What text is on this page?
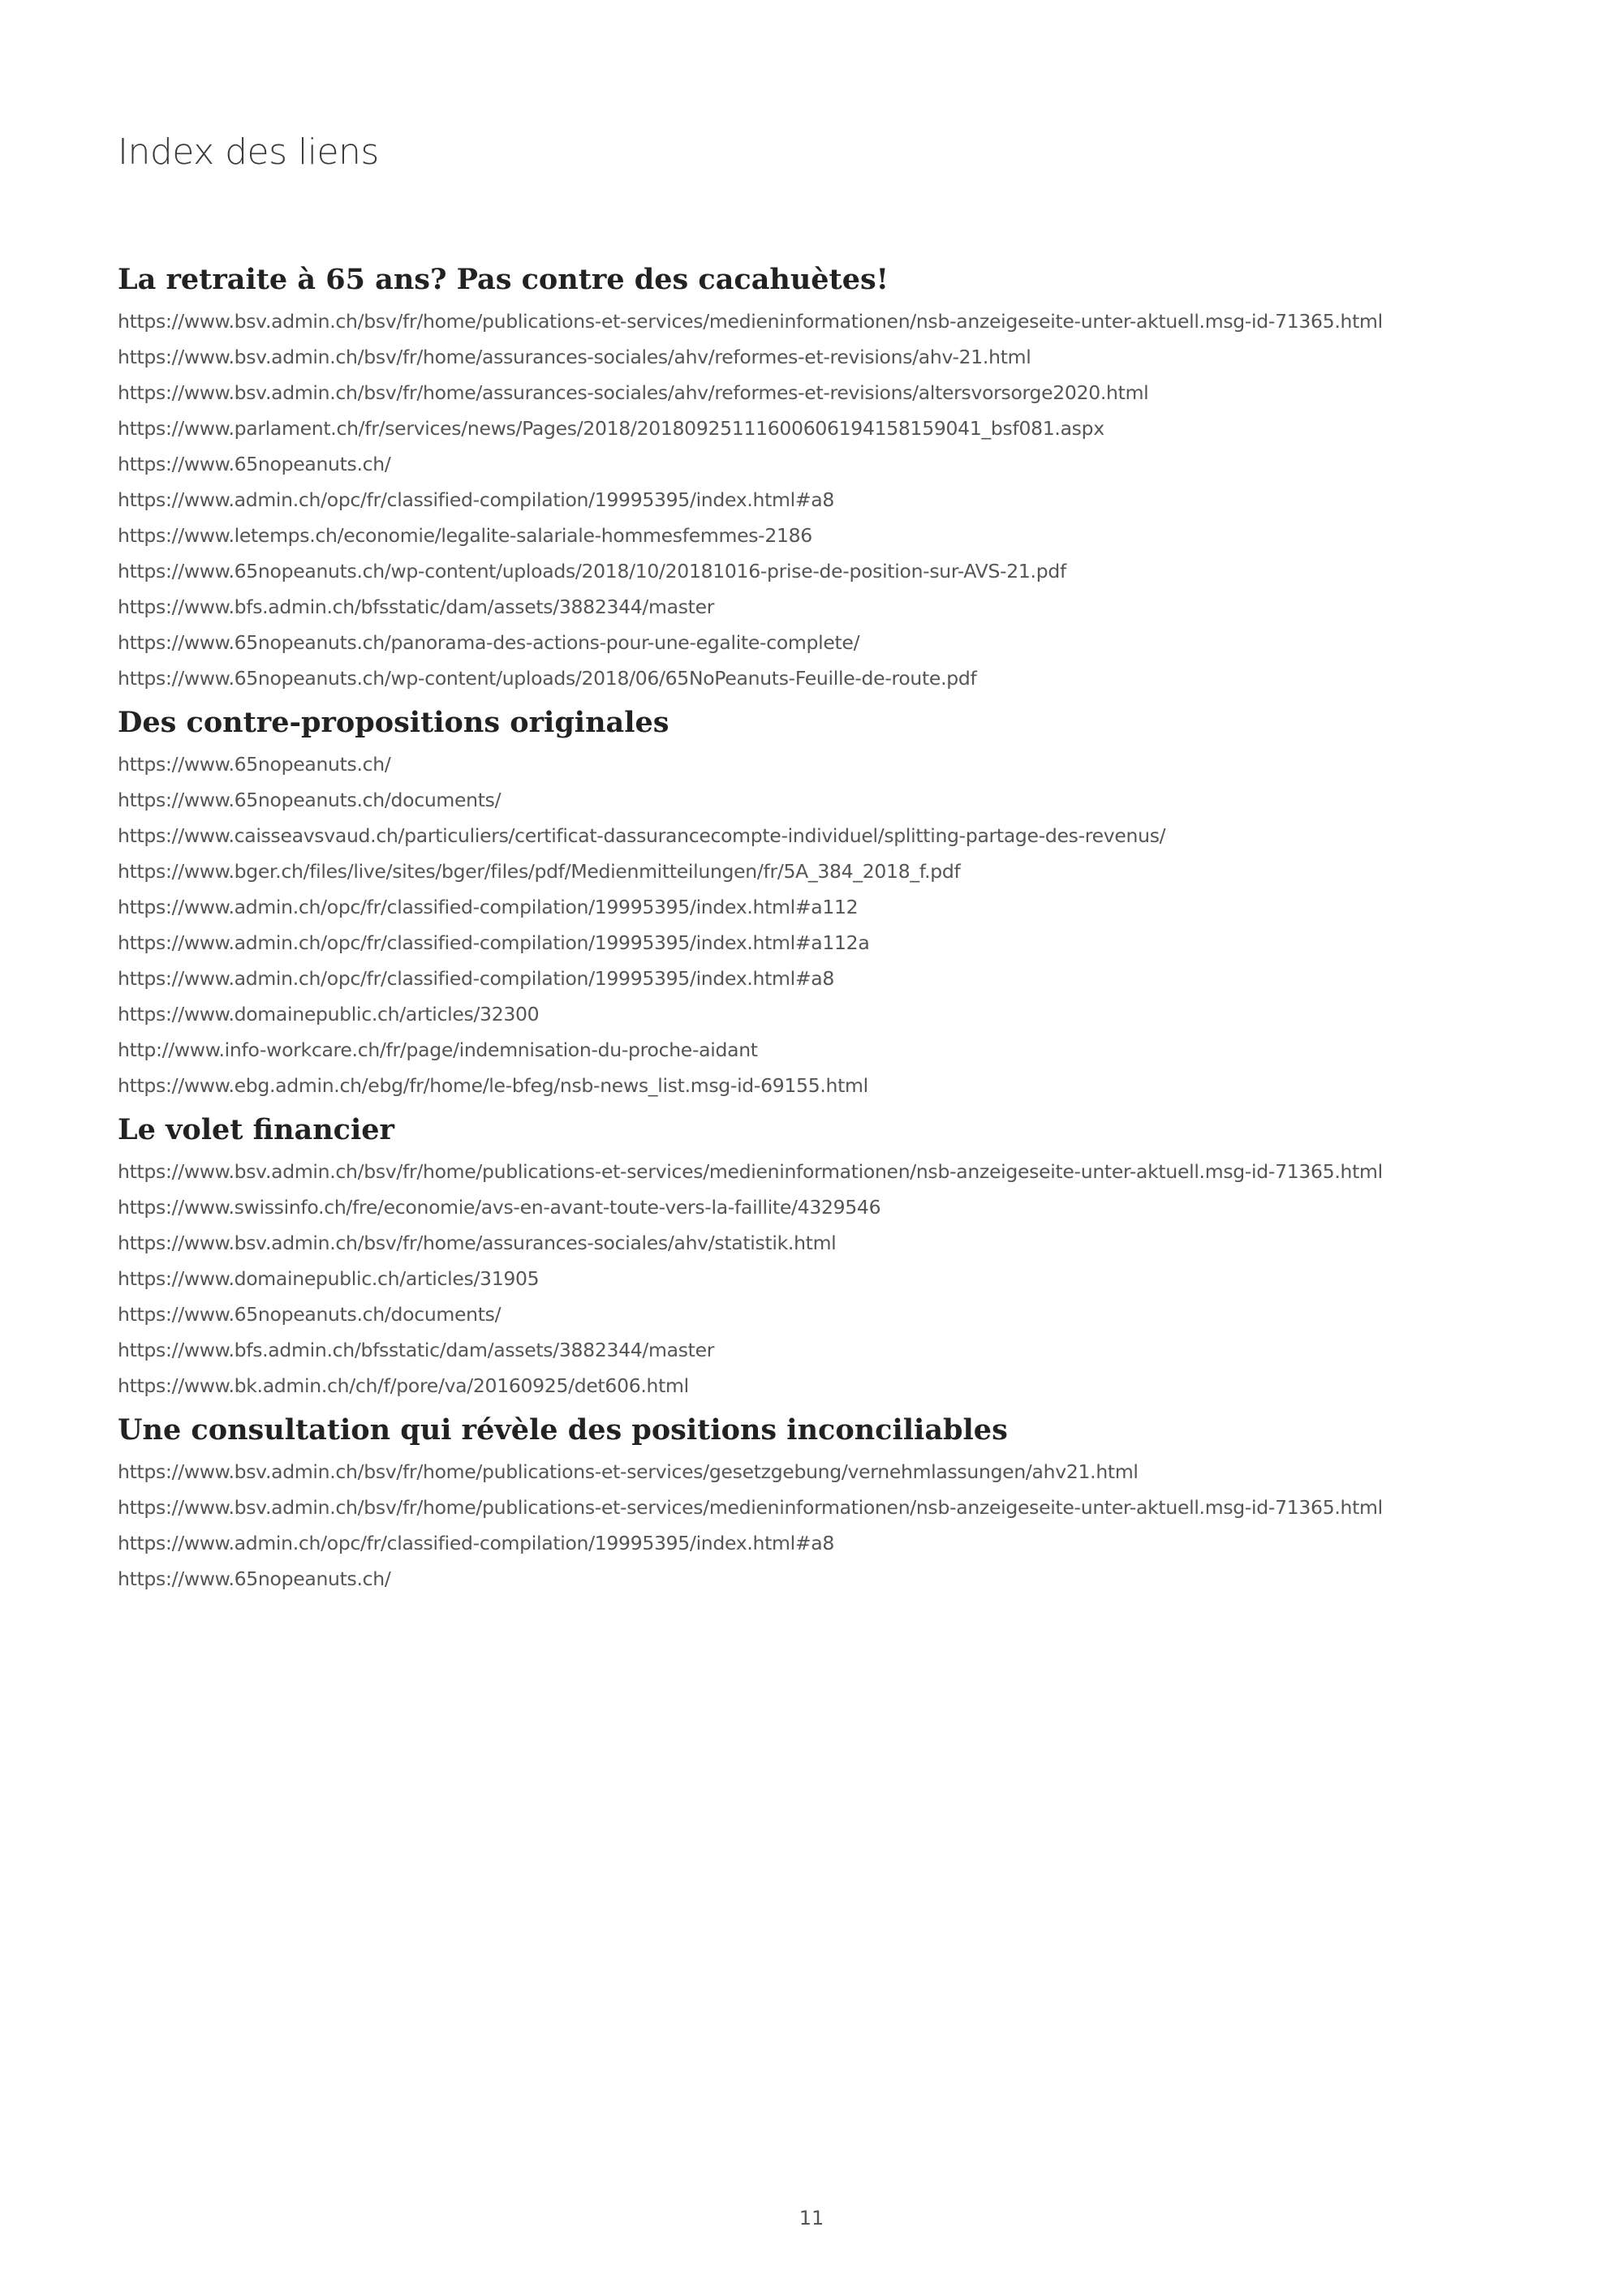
Index des liens
La retraite à 65 ans? Pas contre des cacahuètes!
https://www.bsv.admin.ch/bsv/fr/home/publications-et-services/medieninformationen/nsb-anzeigeseite-unter-aktuell.msg-id-71365.html
https://www.bsv.admin.ch/bsv/fr/home/assurances-sociales/ahv/reformes-et-revisions/ahv-21.html
https://www.bsv.admin.ch/bsv/fr/home/assurances-sociales/ahv/reformes-et-revisions/altersvorsorge2020.html
https://www.parlament.ch/fr/services/news/Pages/2018/20180925111600606194158159041_bsf081.aspx
https://www.65nopeanuts.ch/
https://www.admin.ch/opc/fr/classified-compilation/19995395/index.html#a8
https://www.letemps.ch/economie/legalite-salariale-hommesfemmes-2186
https://www.65nopeanuts.ch/wp-content/uploads/2018/10/20181016-prise-de-position-sur-AVS-21.pdf
https://www.bfs.admin.ch/bfsstatic/dam/assets/3882344/master
https://www.65nopeanuts.ch/panorama-des-actions-pour-une-egalite-complete/
https://www.65nopeanuts.ch/wp-content/uploads/2018/06/65NoPeanuts-Feuille-de-route.pdf
Des contre-propositions originales
https://www.65nopeanuts.ch/
https://www.65nopeanuts.ch/documents/
https://www.caisseavsvaud.ch/particuliers/certificat-dassurancecompte-individuel/splitting-partage-des-revenus/
https://www.bger.ch/files/live/sites/bger/files/pdf/Medienmitteilungen/fr/5A_384_2018_f.pdf
https://www.admin.ch/opc/fr/classified-compilation/19995395/index.html#a112
https://www.admin.ch/opc/fr/classified-compilation/19995395/index.html#a112a
https://www.admin.ch/opc/fr/classified-compilation/19995395/index.html#a8
https://www.domainepublic.ch/articles/32300
http://www.info-workcare.ch/fr/page/indemnisation-du-proche-aidant
https://www.ebg.admin.ch/ebg/fr/home/le-bfeg/nsb-news_list.msg-id-69155.html
Le volet financier
https://www.bsv.admin.ch/bsv/fr/home/publications-et-services/medieninformationen/nsb-anzeigeseite-unter-aktuell.msg-id-71365.html
https://www.swissinfo.ch/fre/economie/avs-en-avant-toute-vers-la-faillite/4329546
https://www.bsv.admin.ch/bsv/fr/home/assurances-sociales/ahv/statistik.html
https://www.domainepublic.ch/articles/31905
https://www.65nopeanuts.ch/documents/
https://www.bfs.admin.ch/bfsstatic/dam/assets/3882344/master
https://www.bk.admin.ch/ch/f/pore/va/20160925/det606.html
Une consultation qui révèle des positions inconciliables
https://www.bsv.admin.ch/bsv/fr/home/publications-et-services/gesetzgebung/vernehmlassungen/ahv21.html
https://www.bsv.admin.ch/bsv/fr/home/publications-et-services/medieninformationen/nsb-anzeigeseite-unter-aktuell.msg-id-71365.html
https://www.admin.ch/opc/fr/classified-compilation/19995395/index.html#a8
https://www.65nopeanuts.ch/
11
